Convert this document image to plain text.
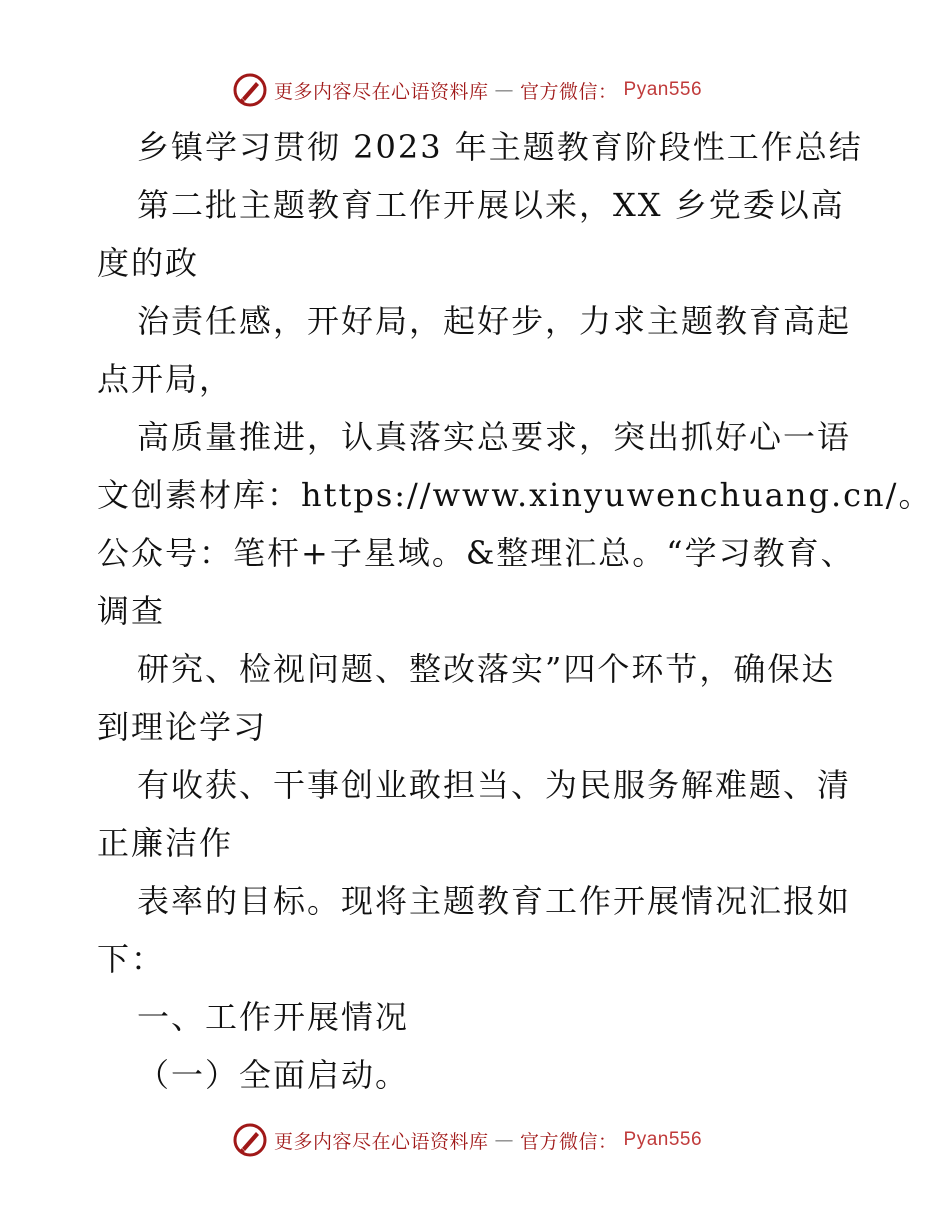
更多内容尽在心语资料库 — 官方微信： Pyan556
乡镇学习贯彻 2023 年主题教育阶段性工作总结
第二批主题教育工作开展以来，XX 乡党委以高
度的政
治责任感，开好局，起好步，力求主题教育高起
点开局，
高质量推进，认真落实总要求，突出抓好心一语
文创素材库：https://www.xinyuwenchuang.cn/。
公众号：笔杆+子星域。&整理汇总。“学习教育、
调查
研究、检视问题、整改落实”四个环节，确保达
到理论学习
有收获、干事创业敢担当、为民服务解难题、清
正廉洁作
表率的目标。现将主题教育工作开展情况汇报如
下：
一、工作开展情况
（一）全面启动。
更多内容尽在心语资料库 — 官方微信： Pyan556
